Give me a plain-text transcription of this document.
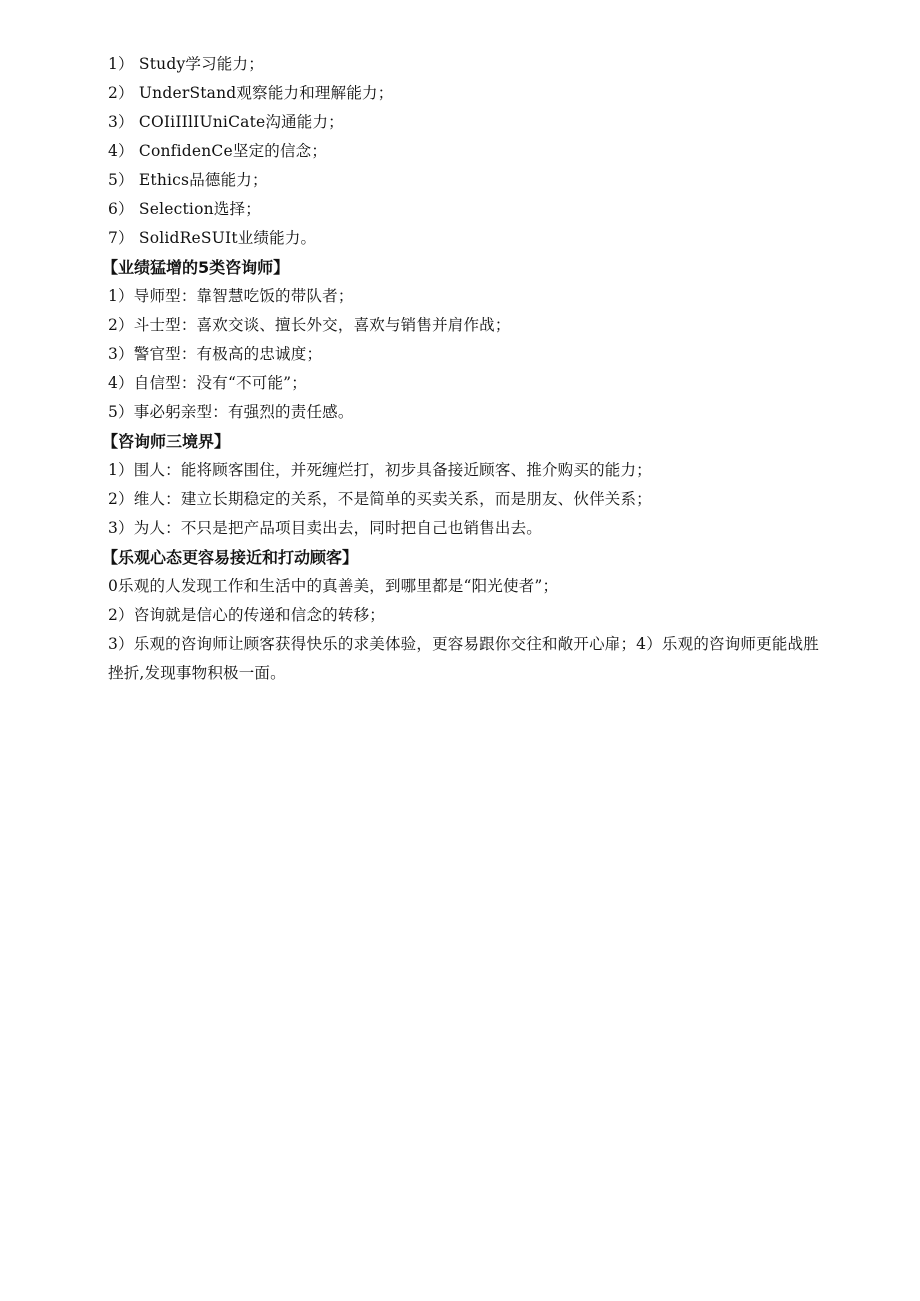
1） Study学习能力；
2） UnderStand观察能力和理解能力；
3） COIiIIlIUniCate沟通能力；
4） ConfidenCe坚定的信念；
5） Ethics品德能力；
6） Selection选择；
7） SolidReSUIt业绩能力。
【业绩猛增的5类咨询师】
1）导师型：靠智慧吃饭的带队者；
2）斗士型：喜欢交谈、擅长外交，喜欢与销售并肩作战；
3）警官型：有极高的忠诚度；
4）自信型：没有“不可能”；
5）事必躬亲型：有强烈的责任感。
【咨询师三境界】
1）围人：能将顾客围住，并死缠烂打，初步具备接近顾客、推介购买的能力；
2）维人：建立长期稳定的关系，不是简单的买卖关系，而是朋友、伙伴关系；
3）为人：不只是把产品项目卖出去，同时把自己也销售出去。
【乐观心态更容易接近和打动顾客】
0乐观的人发现工作和生活中的真善美，到哪里都是“阳光使者”；
2）咨询就是信心的传递和信念的转移；
3）乐观的咨询师让顾客获得快乐的求美体验，更容易跟你交往和敞开心扉；4）乐观的咨询师更能战胜挫折,发现事物积极一面。
